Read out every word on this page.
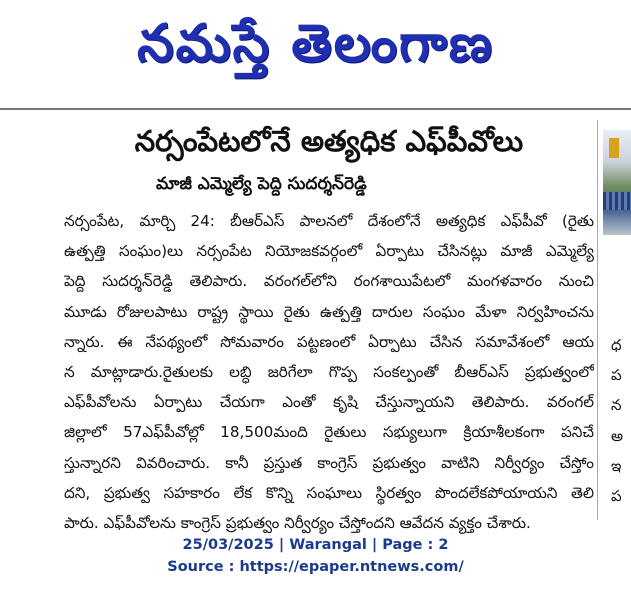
నమస్తే తెలంగాణ
నర్సంపేటలోనే అత్యధిక ఎఫ్‌పీవోలు
మాజీ ఎమ్మెల్యే పెద్ది సుదర్శన్‌రెడ్డి
నర్సంపేట, మార్చి 24: బీఆర్‌ఎస్ పాలనలో దేశంలోనే అత్యధిక ఎఫ్‌పీవో (రైతు
ఉత్పత్తి సంఘం)లు నర్సంపేట నియోజకవర్గంలో ఏర్పాటు చేసినట్లు మాజీ ఎమ్మెల్యే
పెద్ది సుదర్శన్‌రెడ్డి తెలిపారు. వరంగల్‌లోని రంగశాయిపేటలో మంగళవారం నుంచి
మూడు రోజులపాటు రాష్ట్ర స్థాయి రైతు ఉత్పత్తి దారుల సంఘం మేళా నిర్వహించను
న్నారు. ఈ నేపథ్యంలో సోమవారం పట్టణంలో ఏర్పాటు చేసిన సమావేశంలో ఆయ
న మాట్లాడారు.రైతులకు లబ్ధి జరిగేలా గొప్ప సంకల్పంతో బీఆర్‌ఎస్ ప్రభుత్వంలో
ఎఫ్‌పీవోలను ఏర్పాటు చేయగా ఎంతో కృషి చేస్తున్నాయని తెలిపారు. వరంగల్
జిల్లాలో 57ఎఫ్‌పీవోల్లో 18,500మంది రైతులు సభ్యులుగా క్రియాశీలకంగా పనిచే
స్తున్నారని వివరించారు. కానీ ప్రస్తుత కాంగ్రెస్ ప్రభుత్వం వాటిని నిర్వీర్యం చేస్తోం
దని, ప్రభుత్వ సహకారం లేక కొన్ని సంఘాలు స్థిరత్వం పొందలేకపోయాయని తెలి
పారు. ఎఫ్‌పీవోలను కాంగ్రెస్ ప్రభుత్వం నిర్వీర్యం చేస్తోందని ఆవేదన వ్యక్తం చేశారు.
ధ
ప
న
అ
ఇ
ప
25/03/2025 | Warangal | Page : 2
Source : https://epaper.ntnews.com/
